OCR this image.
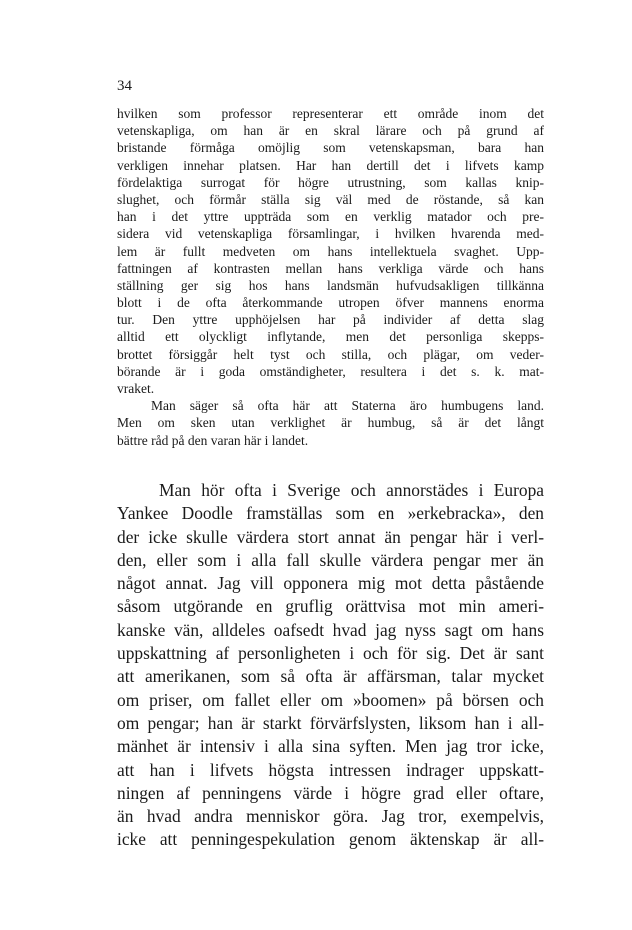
34
hvilken som professor representerar ett område inom det
vetenskapliga, om han är en skral lärare och på grund af
bristande förmåga omöjlig som vetenskapsman, bara han
verkligen innehar platsen. Har han dertill det i lifvets kamp
fördelaktiga surrogat för högre utrustning, som kallas knip-
slughet, och förmår ställa sig väl med de röstande, så kan
han i det yttre uppträda som en verklig matador och pre-
sidera vid vetenskapliga församlingar, i hvilken hvarenda med-
lem är fullt medveten om hans intellektuela svaghet. Upp-
fattningen af kontrasten mellan hans verkliga värde och hans
ställning ger sig hos hans landsmän hufvudsakligen tillkänna
blott i de ofta återkommande utropen öfver mannens enorma
tur. Den yttre upphöjelsen har på individer af detta slag
alltid ett olyckligt inflytande, men det personliga skepps-
brottet försiggår helt tyst och stilla, och plägar, om veder-
börande är i goda omständigheter, resultera i det s. k. mat-
vraket.
Man säger så ofta här att Staterna äro humbugens land.
Men om sken utan verklighet är humbug, så är det långt
bättre råd på den varan här i landet.
Man hör ofta i Sverige och annorstädes i Europa
Yankee Doodle framställas som en »erkebracka», den
der icke skulle värdera stort annat än pengar här i verl-
den, eller som i alla fall skulle värdera pengar mer än
något annat. Jag vill opponera mig mot detta påstående
såsom utgörande en gruflig orättvisa mot min ameri-
kanske vän, alldeles oafsedt hvad jag nyss sagt om hans
uppskattning af personligheten i och för sig. Det är sant
att amerikanen, som så ofta är affärsman, talar mycket
om priser, om fallet eller om »boomen» på börsen och
om pengar; han är starkt förvärfslysten, liksom han i all-
mänhet är intensiv i alla sina syften. Men jag tror icke,
att han i lifvets högsta intressen indrager uppskatt-
ningen af penningens värde i högre grad eller oftare,
än hvad andra menniskor göra. Jag tror, exempelvis,
icke att penningespekulation genom äktenskap är all-
